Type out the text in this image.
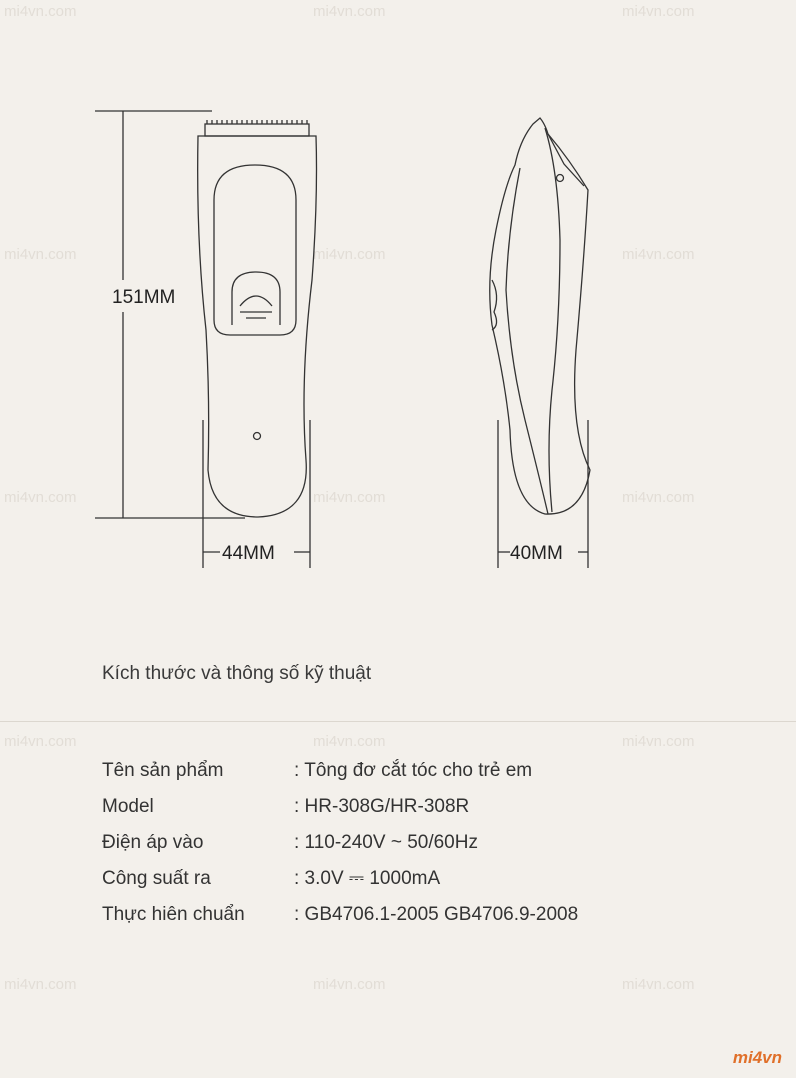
mi4vn.com	mi4vn.com	mi4vn.com
mi4vn.com	mi4vn.com	mi4vn.com
mi4vn.com	mi4vn.com	mi4vn.com
mi4vn.com	mi4vn.com	mi4vn.com
mi4vn.com	mi4vn.com	mi4vn.com
151MM
44MM	40MM
Kích thước và thông số kỹ thuật
Tên sản phẩm	: Tông đơ cắt tóc cho trẻ em
Model	: HR-308G/HR-308R
Điện áp vào	: 110-240V ~ 50/60Hz
Công suất ra	: 3.0V ⎓ 1000mA
Thực hiên chuẩn	: GB4706.1-2005 GB4706.9-2008
mi4vn
